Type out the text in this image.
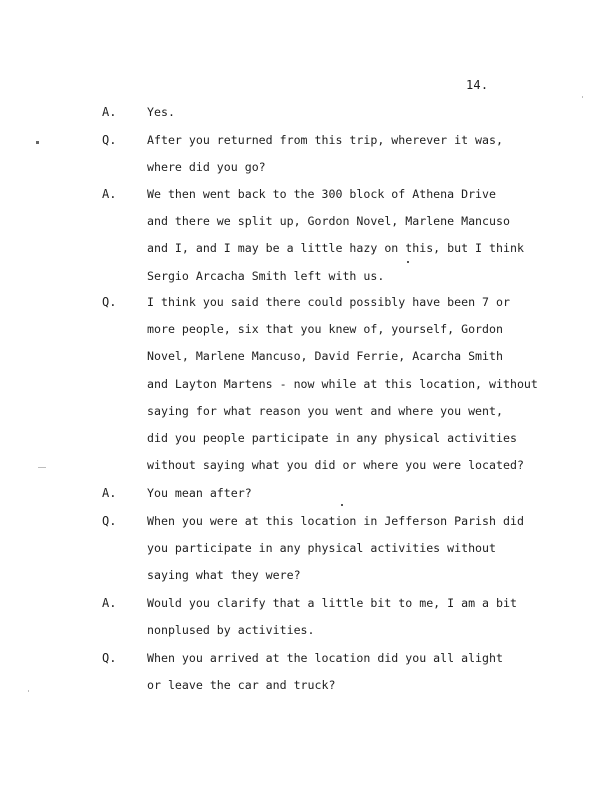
14.
A.	Yes.
Q.	After you returned from this trip, wherever it was,
where did you go?
A.	We then went back to the 300 block of Athena Drive
and there we split up, Gordon Novel, Marlene Mancuso
and I, and I may be a little hazy on this, but I think
Sergio Arcacha Smith left with us.
Q.	I think you said there could possibly have been 7 or
more people, six that you knew of, yourself, Gordon
Novel, Marlene Mancuso, David Ferrie, Acarcha Smith
and Layton Martens - now while at this location, without
saying for what reason you went and where you went,
did you people participate in any physical activities
without saying what you did or where you were located?
A.	You mean after?
Q.	When you were at this location in Jefferson Parish did
you participate in any physical activities without
saying what they were?
A.	Would you clarify that a little bit to me, I am a bit
nonplused by activities.
Q.	When you arrived at the location did you all alight
or leave the car and truck?
